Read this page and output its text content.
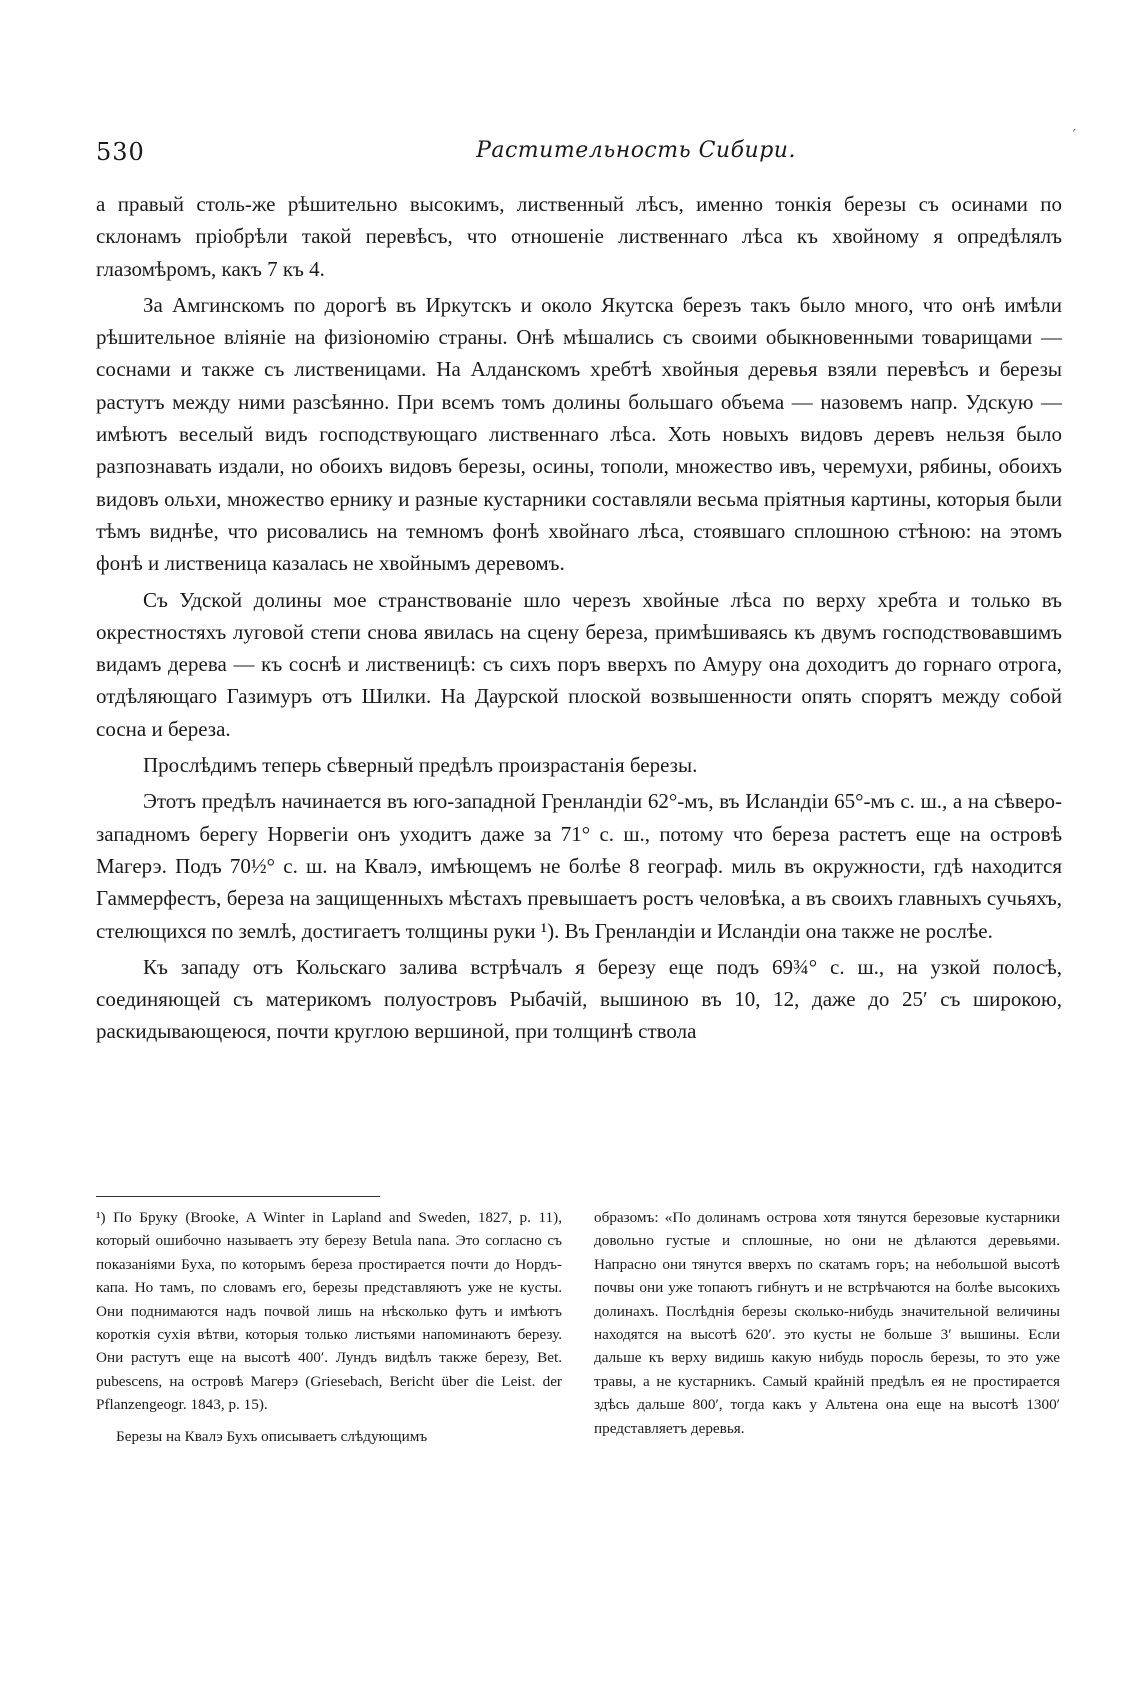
530	Растительность Сибири.

а правый столь-же рѣшительно высокимъ, лиственный лѣсъ, именно тонкія березы съ осинами по склонамъ пріобрѣли такой перевѣсъ, что отношеніе лиственнаго лѣса къ хвойному я опредѣлялъ глазомѣромъ, какъ 7 къ 4.

За Амгинскомъ по дорогѣ въ Иркутскъ и около Якутска березъ такъ было много, что онѣ имѣли рѣшительное вліяніе на физіономію страны. Онѣ мѣшались съ своими обыкновенными товарищами — соснами и также съ лиственицами. На Алданскомъ хребтѣ хвойныя деревья взяли перевѣсъ и березы растутъ между ними разсѣянно. При всемъ томъ долины большаго объема — назовемъ напр. Удскую — имѣютъ веселый видъ господствующаго лиственнаго лѣса. Хоть новыхъ видовъ деревъ нельзя было разпознавать издали, но обоихъ видовъ березы, осины, тополи, множество ивъ, черемухи, рябины, обоихъ видовъ ольхи, множество ернику и разные кустарники составляли весьма пріятныя картины, которыя были тѣмъ виднѣе, что рисовались на темномъ фонѣ хвойнаго лѣса, стоявшаго сплошною стѣною: на этомъ фонѣ и лиственица казалась не хвойнымъ деревомъ.

Съ Удской долины мое странствованіе шло черезъ хвойные лѣса по верху хребта и только въ окрестностяхъ луговой степи снова явилась на сцену береза, примѣшиваясь къ двумъ господствовавшимъ видамъ дерева — къ соснѣ и лиственицѣ: съ сихъ поръ вверхъ по Амуру она доходитъ до горнаго отрога, отдѣляющаго Газимуръ отъ Шилки. На Даурской плоской возвышенности опять спорятъ между собой сосна и береза.

Прослѣдимъ теперь сѣверный предѣлъ произрастанія березы.

Этотъ предѣлъ начинается въ юго-западной Гренландіи 62°-мъ, въ Исландіи 65°-мъ с. ш., а на сѣверо-западномъ берегу Норвегіи онъ уходитъ даже за 71° с. ш., потому что береза растетъ еще на островѣ Магерэ. Подъ 70½° с. ш. на Квалэ, имѣющемъ не болѣе 8 географ. миль въ окружности, гдѣ находится Гаммерфестъ, береза на защищенныхъ мѣстахъ превышаетъ ростъ человѣка, а въ своихъ главныхъ сучьяхъ, стелющихся по землѣ, достигаетъ толщины руки ¹). Въ Гренландіи и Исландіи она также не рослѣе.

Къ западу отъ Кольскаго залива встрѣчалъ я березу еще подъ 69¾° с. ш., на узкой полосѣ, соединяющей съ материкомъ полуостровъ Рыбачій, вышиною въ 10, 12, даже до 25′ съ широкою, раскидывающеюся, почти круглою вершиной, при толщинѣ ствола

¹) По Бруку (Brooke, A Winter in Lapland and Sweden, 1827, p. 11), который ошибочно называетъ эту березу Betula nana. Это согласно съ показаніями Буха, по которымъ береза простирается почти до Нордъ-капа. Но тамъ, по словамъ его, березы представляютъ уже не кусты. Они поднимаются надъ почвой лишь на нѣсколько футъ и имѣютъ короткія сухія вѣтви, которыя только листьями напоминаютъ березу. Они растутъ еще на высотѣ 400′. Лундъ видѣлъ также березу, Bet. pubescens, на островѣ Магерэ (Griesebach, Bericht über die Leist. der Pflanzengeogr. 1843, p. 15).

Березы на Квалэ Бухъ описываетъ слѣдующимъ

образомъ: «По долинамъ острова хотя тянутся березовые кустарники довольно густые и сплошные, но они не дѣлаются деревьями. Напрасно они тянутся вверхъ по скатамъ горъ; на небольшой высотѣ почвы они уже топаютъ гибнутъ и не встрѣчаются на болѣе высокихъ долинахъ. Послѣднія березы сколько-нибудь значительной величины находятся на высотѣ 620′. это кусты не больше 3′ вышины. Если дальше къ верху видишь какую нибудь поросль березы, то это уже травы, а не кустарникъ. Самый крайній предѣлъ ея не простирается здѣсь дальше 800′, тогда какъ у Альтена она еще на высотѣ 1300′ представляетъ деревья.

´
